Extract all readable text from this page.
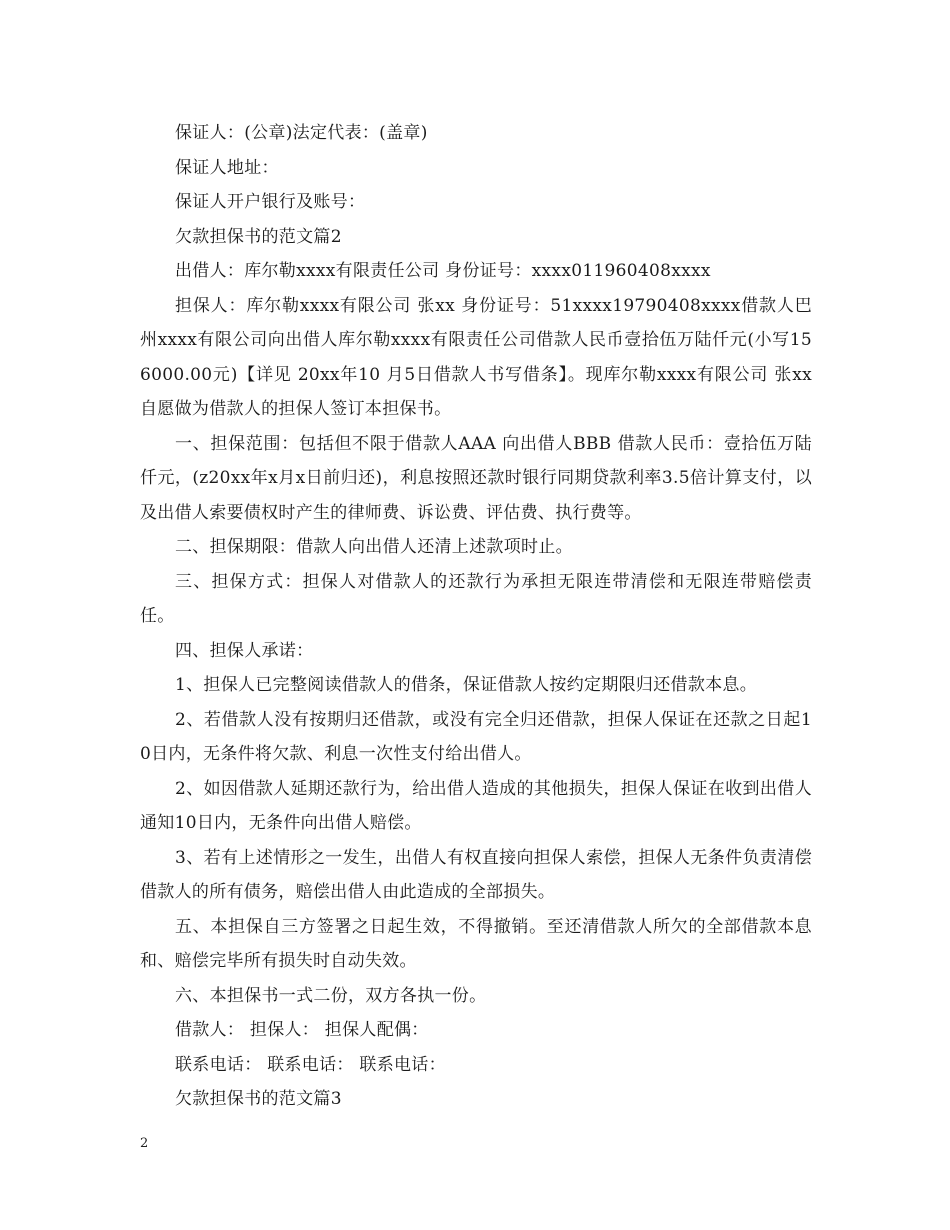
保证人：(公章)法定代表：(盖章)

保证人地址：

保证人开户银行及账号：

欠款担保书的范文篇2

出借人：库尔勒xxxx有限责任公司 身份证号：xxxx011960408xxxx

担保人：库尔勒xxxx有限公司 张xx 身份证号：51xxxx19790408xxxx借款人巴州xxxx有限公司向出借人库尔勒xxxx有限责任公司借款人民币壹拾伍万陆仟元(小写156000.00元)【详见 20xx年10 月5日借款人书写借条】。现库尔勒xxxx有限公司 张xx自愿做为借款人的担保人签订本担保书。

一、担保范围：包括但不限于借款人AAA 向出借人BBB 借款人民币：壹拾伍万陆仟元，(z20xx年x月x日前归还)，利息按照还款时银行同期贷款利率3.5倍计算支付，以及出借人索要债权时产生的律师费、诉讼费、评估费、执行费等。

二、担保期限：借款人向出借人还清上述款项时止。

三、担保方式：担保人对借款人的还款行为承担无限连带清偿和无限连带赔偿责任。

四、担保人承诺：

1、担保人已完整阅读借款人的借条，保证借款人按约定期限归还借款本息。

2、若借款人没有按期归还借款，或没有完全归还借款，担保人保证在还款之日起10日内，无条件将欠款、利息一次性支付给出借人。

2、如因借款人延期还款行为，给出借人造成的其他损失，担保人保证在收到出借人通知10日内，无条件向出借人赔偿。

3、若有上述情形之一发生，出借人有权直接向担保人索偿，担保人无条件负责清偿借款人的所有债务，赔偿出借人由此造成的全部损失。

五、本担保自三方签署之日起生效，不得撤销。至还清借款人所欠的全部借款本息和、赔偿完毕所有损失时自动失效。

六、本担保书一式二份，双方各执一份。

借款人： 担保人： 担保人配偶：

联系电话： 联系电话： 联系电话：

欠款担保书的范文篇3

2
